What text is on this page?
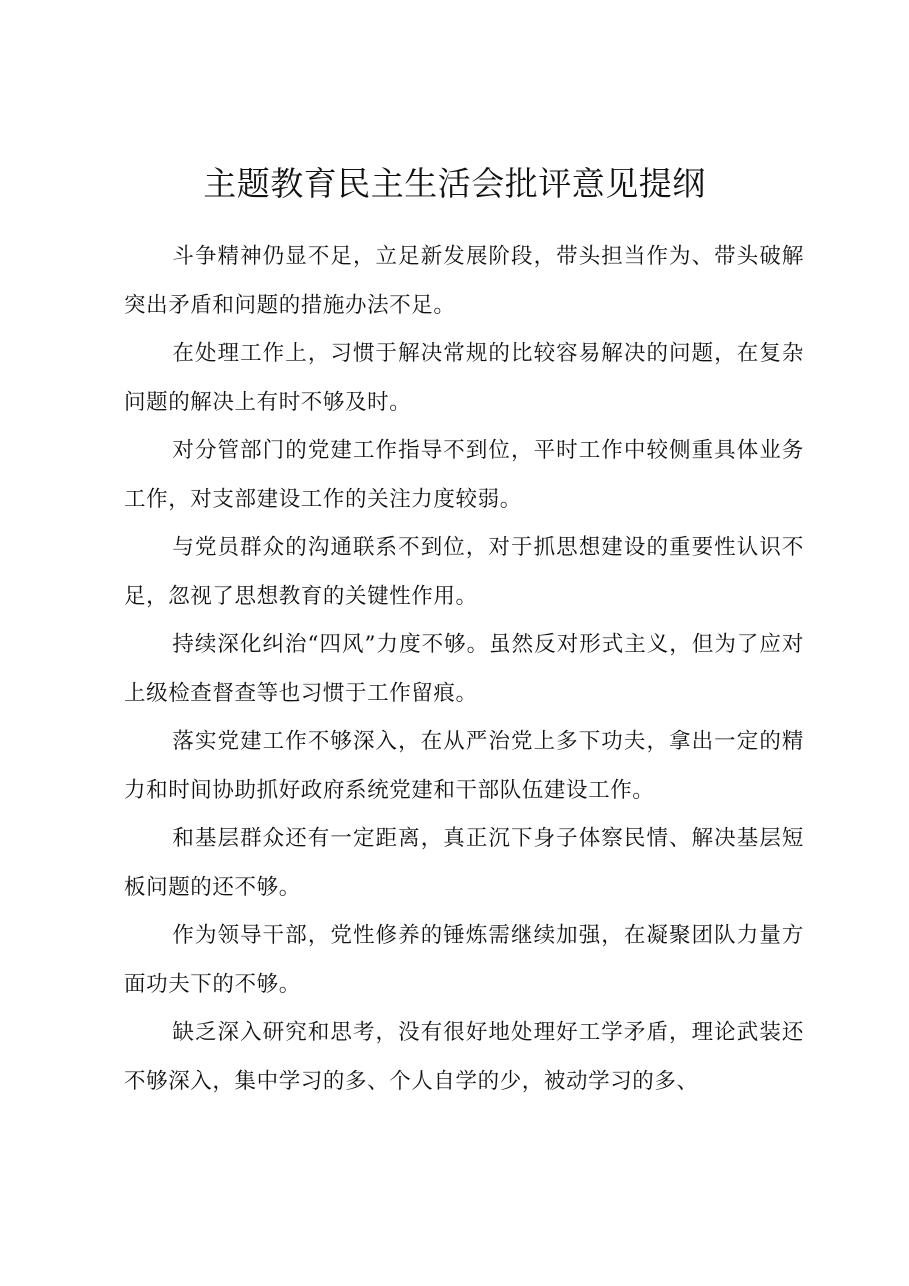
主题教育民主生活会批评意见提纲

斗争精神仍显不足，立足新发展阶段，带头担当作为、带头破解突出矛盾和问题的措施办法不足。

在处理工作上，习惯于解决常规的比较容易解决的问题，在复杂问题的解决上有时不够及时。

对分管部门的党建工作指导不到位，平时工作中较侧重具体业务工作，对支部建设工作的关注力度较弱。

与党员群众的沟通联系不到位，对于抓思想建设的重要性认识不足，忽视了思想教育的关键性作用。

持续深化纠治“四风”力度不够。虽然反对形式主义，但为了应对上级检查督查等也习惯于工作留痕。

落实党建工作不够深入，在从严治党上多下功夫，拿出一定的精力和时间协助抓好政府系统党建和干部队伍建设工作。

和基层群众还有一定距离，真正沉下身子体察民情、解决基层短板问题的还不够。

作为领导干部，党性修养的锤炼需继续加强，在凝聚团队力量方面功夫下的不够。

缺乏深入研究和思考，没有很好地处理好工学矛盾，理论武装还不够深入，集中学习的多、个人自学的少，被动学习的多、
